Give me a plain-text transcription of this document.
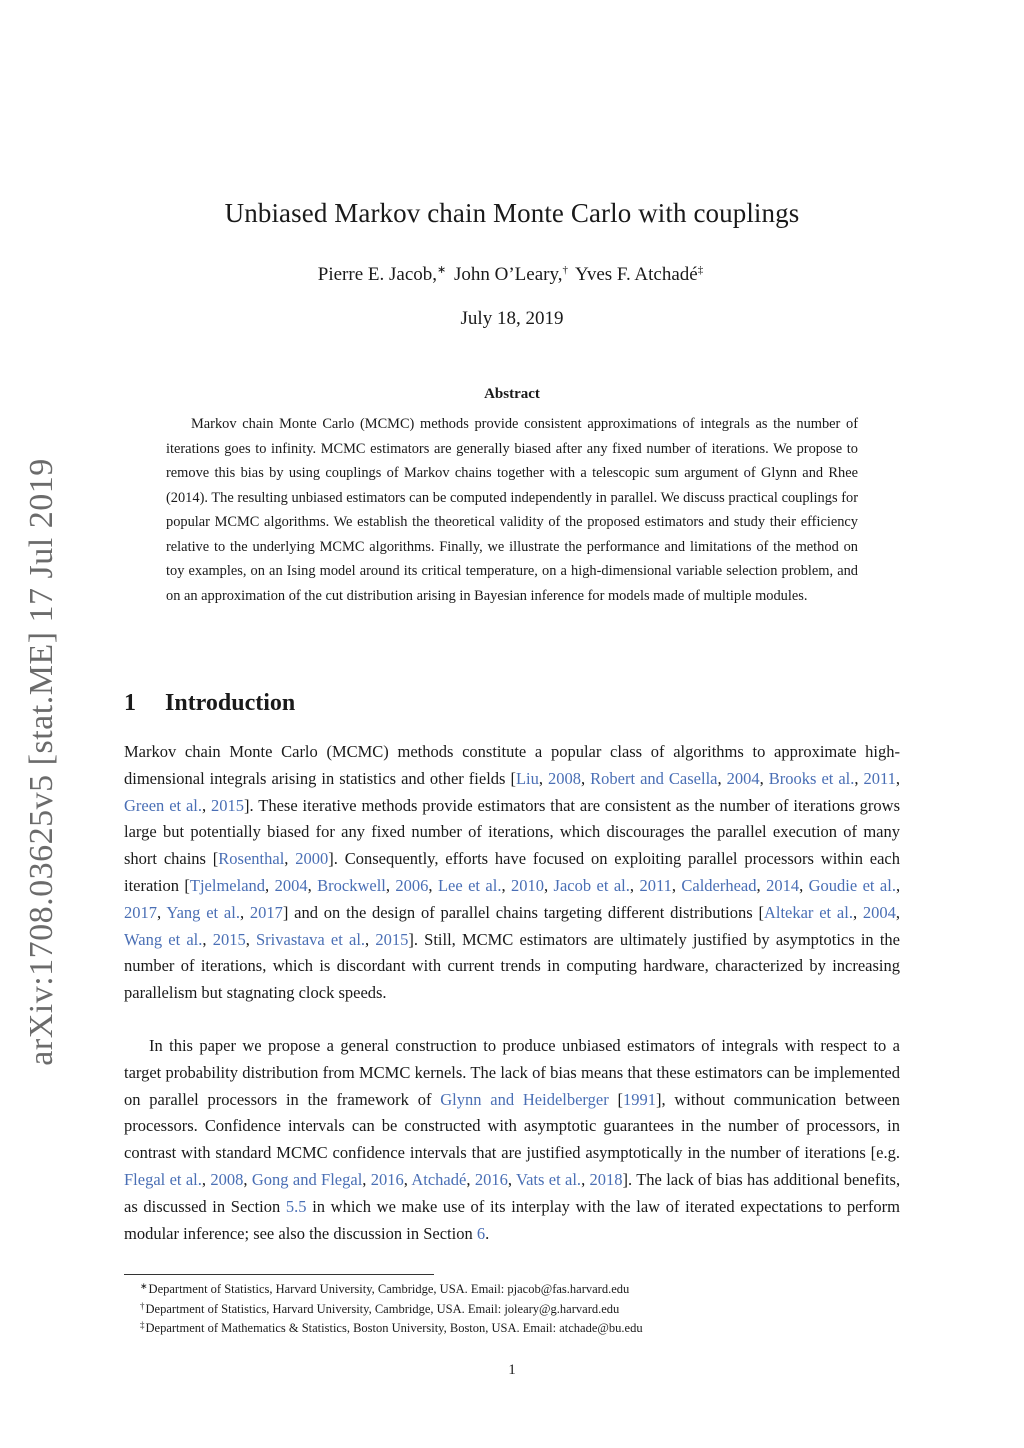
arXiv:1708.03625v5 [stat.ME] 17 Jul 2019
Unbiased Markov chain Monte Carlo with couplings
Pierre E. Jacob,∗ John O’Leary,† Yves F. Atchadé‡
July 18, 2019
Abstract

Markov chain Monte Carlo (MCMC) methods provide consistent approximations of integrals as the number of iterations goes to infinity. MCMC estimators are generally biased after any fixed number of iterations. We propose to remove this bias by using couplings of Markov chains together with a telescopic sum argument of Glynn and Rhee (2014). The resulting unbiased estimators can be computed independently in parallel. We discuss practical couplings for popular MCMC algorithms. We establish the theoretical validity of the proposed estimators and study their efficiency relative to the underlying MCMC algorithms. Finally, we illustrate the performance and limitations of the method on toy examples, on an Ising model around its critical temperature, on a high-dimensional variable selection problem, and on an approximation of the cut distribution arising in Bayesian inference for models made of multiple modules.

1 Introduction

Markov chain Monte Carlo (MCMC) methods constitute a popular class of algorithms to approximate high-dimensional integrals arising in statistics and other fields [Liu, 2008, Robert and Casella, 2004, Brooks et al., 2011, Green et al., 2015]. These iterative methods provide estimators that are consistent as the number of iterations grows large but potentially biased for any fixed number of iterations, which discourages the parallel execution of many short chains [Rosenthal, 2000]. Consequently, efforts have focused on exploiting parallel processors within each iteration [Tjelmeland, 2004, Brockwell, 2006, Lee et al., 2010, Jacob et al., 2011, Calderhead, 2014, Goudie et al., 2017, Yang et al., 2017] and on the design of parallel chains targeting different distributions [Altekar et al., 2004, Wang et al., 2015, Srivastava et al., 2015]. Still, MCMC estimators are ultimately justified by asymptotics in the number of iterations, which is discordant with current trends in computing hardware, characterized by increasing parallelism but stagnating clock speeds.

In this paper we propose a general construction to produce unbiased estimators of integrals with respect to a target probability distribution from MCMC kernels. The lack of bias means that these estimators can be implemented on parallel processors in the framework of Glynn and Heidelberger [1991], without communication between processors. Confidence intervals can be constructed with asymptotic guarantees in the number of processors, in contrast with standard MCMC confidence intervals that are justified asymptotically in the number of iterations [e.g. Flegal et al., 2008, Gong and Flegal, 2016, Atchadé, 2016, Vats et al., 2018]. The lack of bias has additional benefits, as discussed in Section 5.5 in which we make use of its interplay with the law of iterated expectations to perform modular inference; see also the discussion in Section 6.

∗Department of Statistics, Harvard University, Cambridge, USA. Email: pjacob@fas.harvard.edu
†Department of Statistics, Harvard University, Cambridge, USA. Email: joleary@g.harvard.edu
‡Department of Mathematics & Statistics, Boston University, Boston, USA. Email: atchade@bu.edu
1
